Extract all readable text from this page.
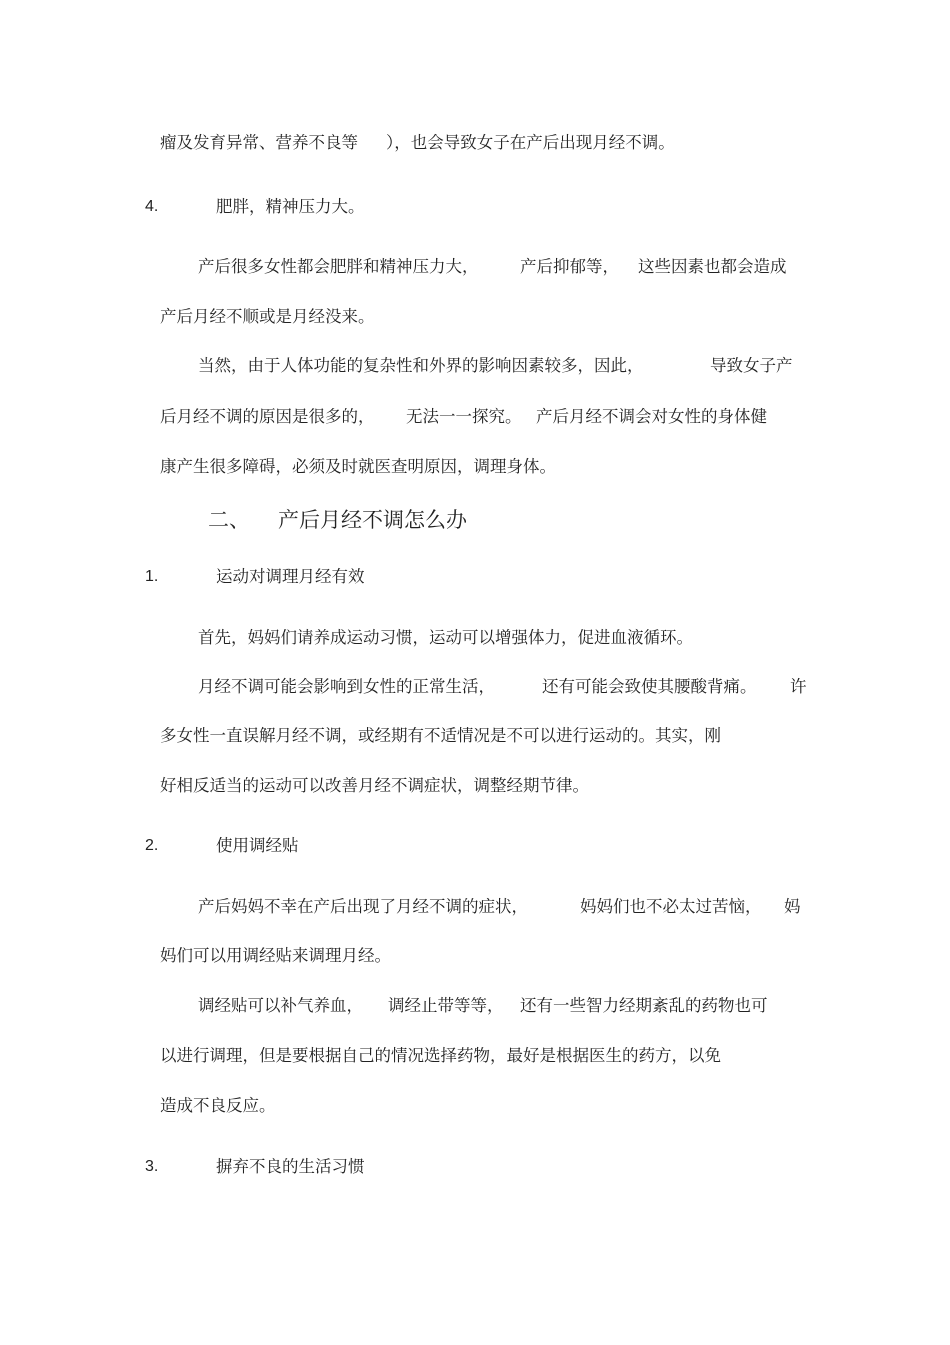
瘤及发育异常、营养不良等 ），也会导致女子在产后出现月经不调。
4.	肥胖，精神压力大。
产后很多女性都会肥胖和精神压力大，	产后抑郁等， 这些因素也都会造成
产后月经不顺或是月经没来。
当然，由于人体功能的复杂性和外界的影响因素较多，因此，	导致女子产
后月经不调的原因是很多的， 无法一一探究。 产后月经不调会对女性的身体健
康产生很多障碍，必须及时就医查明原因，调理身体。
二、 产后月经不调怎么办
1.	运动对调理月经有效
首先，妈妈们请养成运动习惯，运动可以增强体力，促进血液循环。
月经不调可能会影响到女性的正常生活，	还有可能会致使其腰酸背痛。 许
多女性一直误解月经不调，或经期有不适情况是不可以进行运动的。其实，刚
好相反适当的运动可以改善月经不调症状，调整经期节律。
2.	使用调经贴
产后妈妈不幸在产后出现了月经不调的症状，	妈妈们也不必太过苦恼， 妈
妈们可以用调经贴来调理月经。
调经贴可以补气养血， 调经止带等等， 还有一些智力经期紊乱的药物也可
以进行调理，但是要根据自己的情况选择药物，最好是根据医生的药方，以免
造成不良反应。
3.	摒弃不良的生活习惯
